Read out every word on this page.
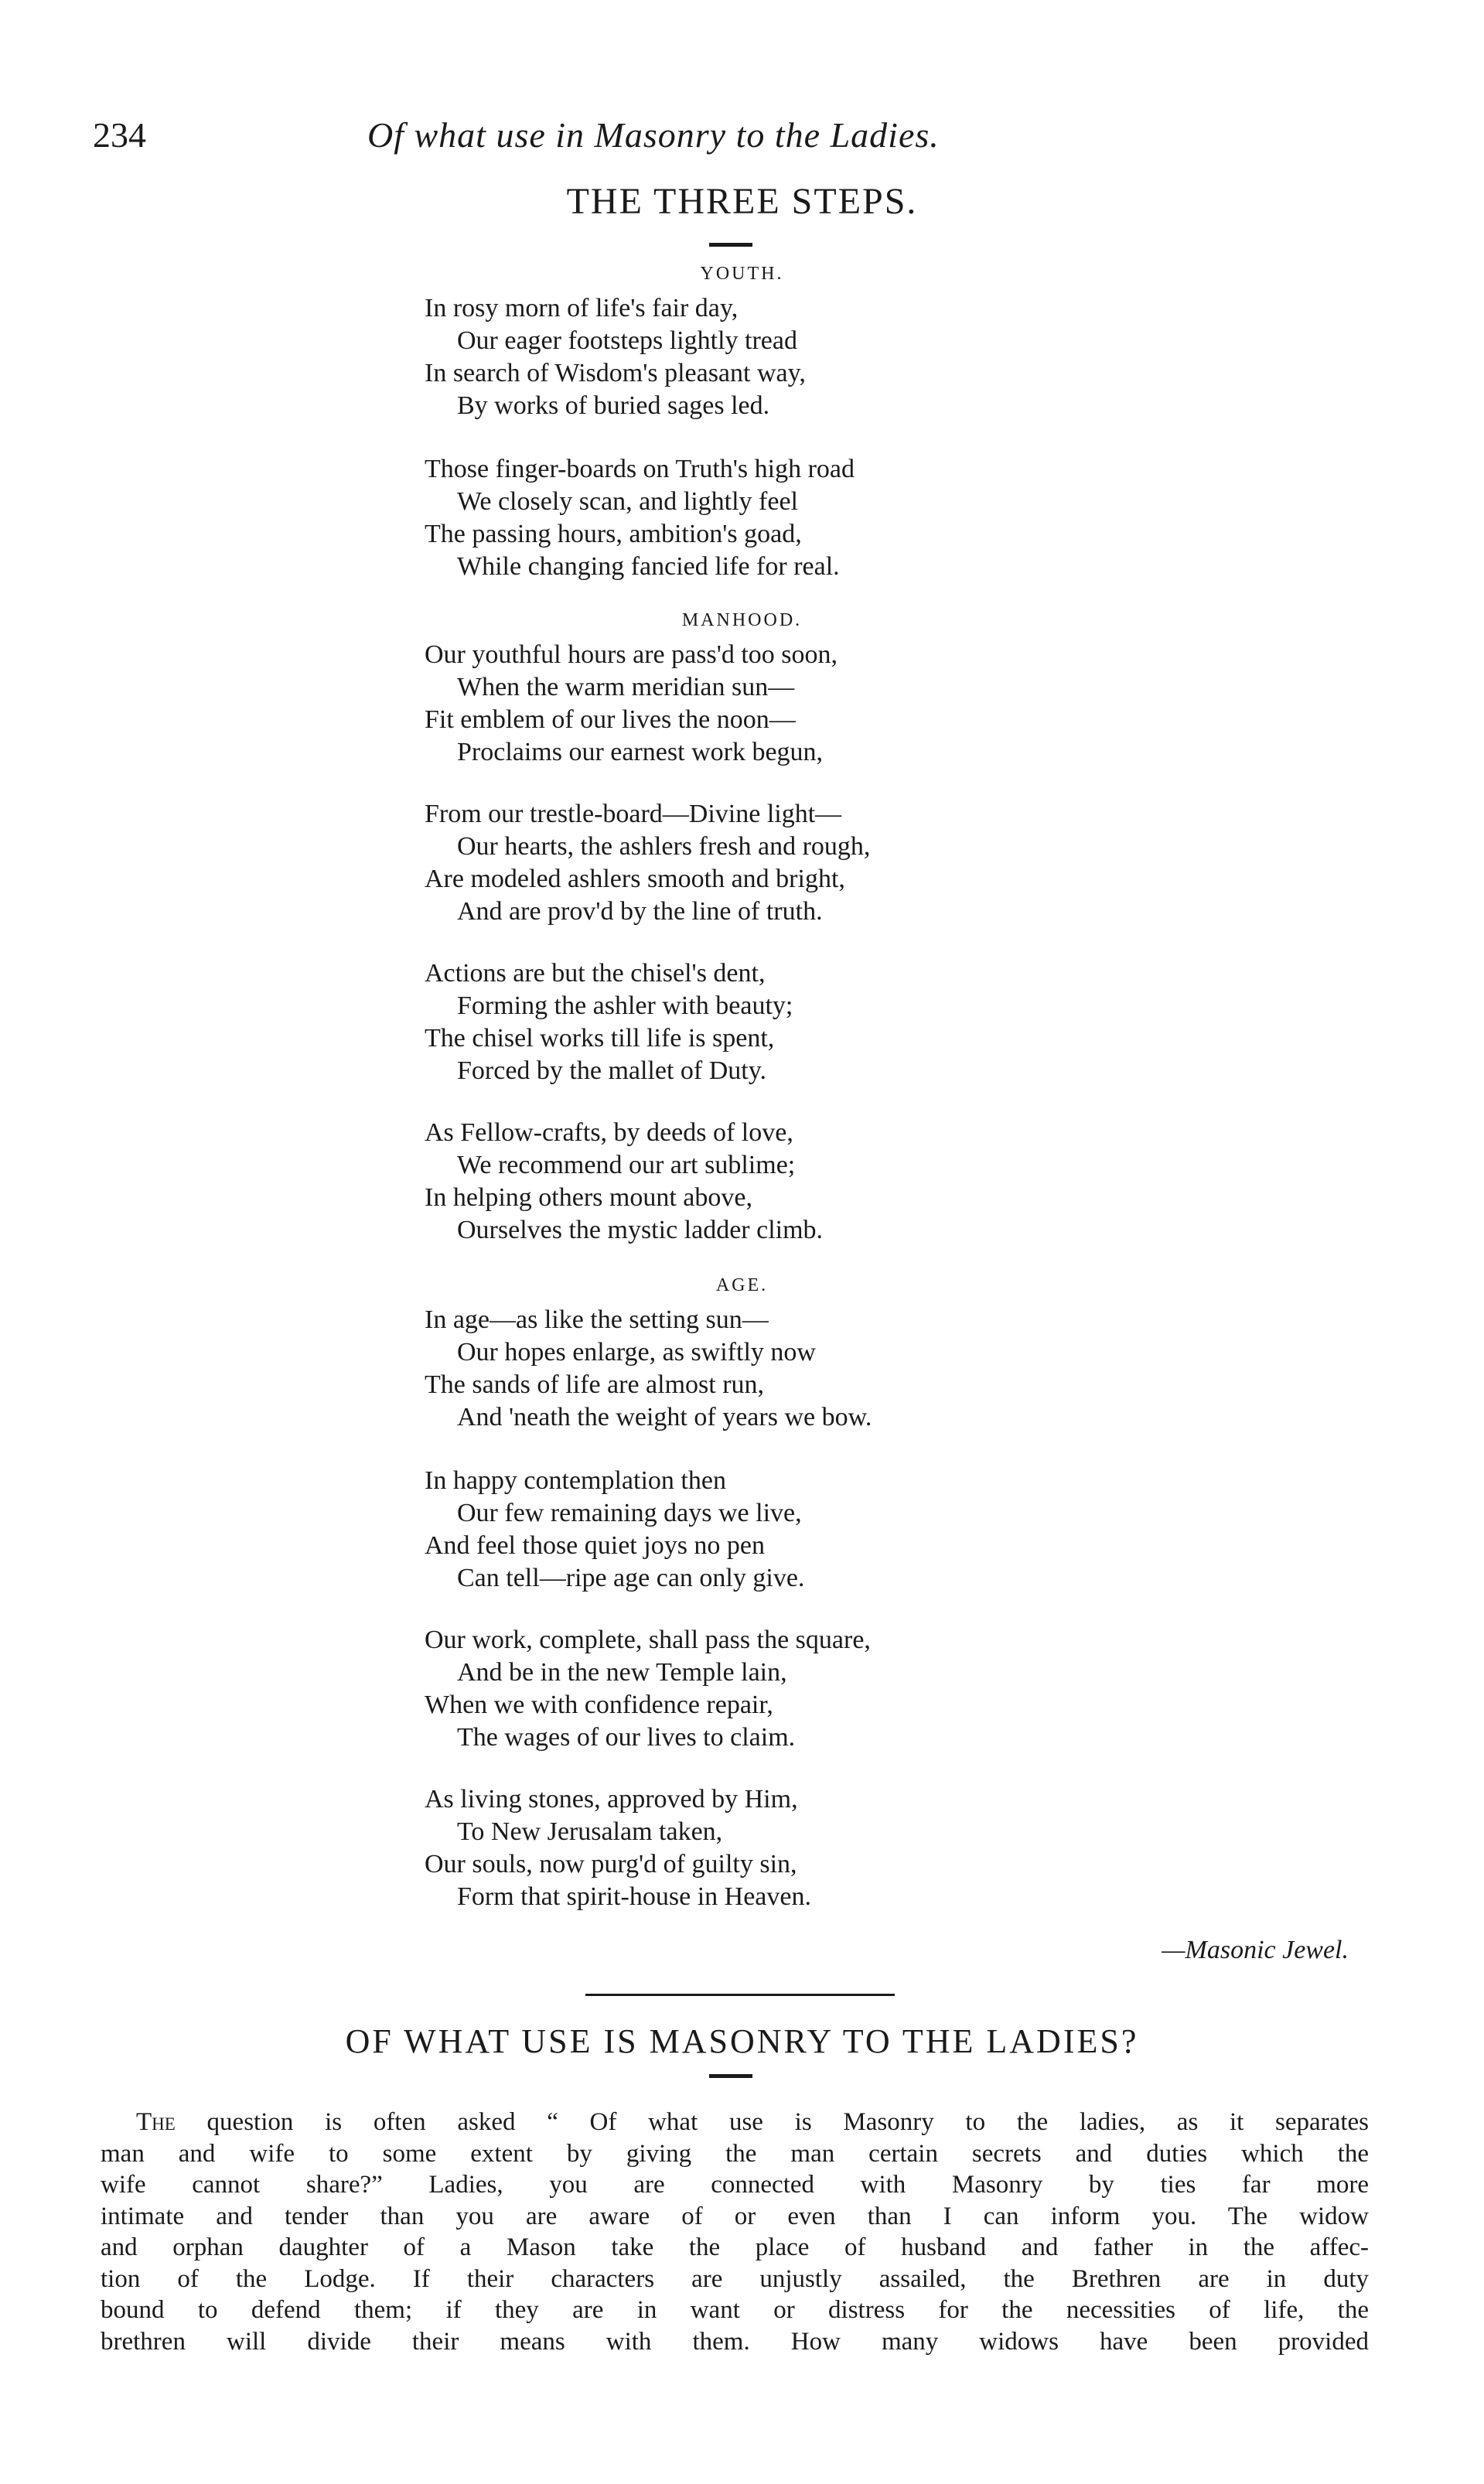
234	Of what use in Masonry to the Ladies.
THE THREE STEPS.
YOUTH.
In rosy morn of life's fair day,
Our eager footsteps lightly tread
In search of Wisdom's pleasant way,
By works of buried sages led.
Those finger-boards on Truth's high road
We closely scan, and lightly feel
The passing hours, ambition's goad,
While changing fancied life for real.
MANHOOD.
Our youthful hours are pass'd too soon,
When the warm meridian sun—
Fit emblem of our lives the noon—
Proclaims our earnest work begun,
From our trestle-board—Divine light—
Our hearts, the ashlers fresh and rough,
Are modeled ashlers smooth and bright,
And are prov'd by the line of truth.
Actions are but the chisel's dent,
Forming the ashler with beauty;
The chisel works till life is spent,
Forced by the mallet of Duty.
As Fellow-crafts, by deeds of love,
We recommend our art sublime;
In helping others mount above,
Ourselves the mystic ladder climb.
AGE.
In age—as like the setting sun—
Our hopes enlarge, as swiftly now
The sands of life are almost run,
And 'neath the weight of years we bow.
In happy contemplation then
Our few remaining days we live,
And feel those quiet joys no pen
Can tell—ripe age can only give.
Our work, complete, shall pass the square,
And be in the new Temple lain,
When we with confidence repair,
The wages of our lives to claim.
As living stones, approved by Him,
To New Jerusalam taken,
Our souls, now purg'd of guilty sin,
Form that spirit-house in Heaven.
—Masonic Jewel.
OF WHAT USE IS MASONRY TO THE LADIES?
The question is often asked “ Of what use is Masonry to the ladies, as it separates
man and wife to some extent by giving the man certain secrets and duties which the
wife cannot share?” Ladies, you are connected with Masonry by ties far more
intimate and tender than you are aware of or even than I can inform you. The widow
and orphan daughter of a Mason take the place of husband and father in the affec-
tion of the Lodge. If their characters are unjustly assailed, the Brethren are in duty
bound to defend them; if they are in want or distress for the necessities of life, the
brethren will divide their means with them. How many widows have been provided
